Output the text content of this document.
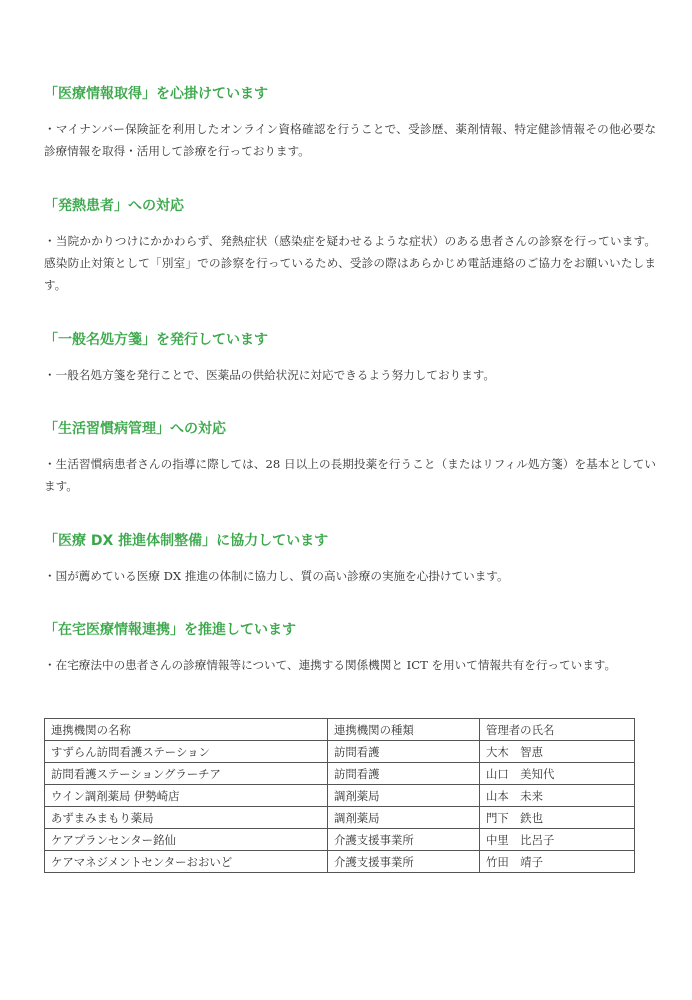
「医療情報取得」を心掛けています

・マイナンバー保険証を利用したオンライン資格確認を行うことで、受診歴、薬剤情報、特定健診情報その他必要な診療情報を取得・活用して診療を行っております。

「発熱患者」への対応

・当院かかりつけにかかわらず、発熱症状（感染症を疑わせるような症状）のある患者さんの診察を行っています。感染防止対策として「別室」での診察を行っているため、受診の際はあらかじめ電話連絡のご協力をお願いいたします。

「一般名処方箋」を発行しています

・一般名処方箋を発行ことで、医薬品の供給状況に対応できるよう努力しております。

「生活習慣病管理」への対応

・生活習慣病患者さんの指導に際しては、28 日以上の長期投薬を行うこと（またはリフィル処方箋）を基本としています。

「医療 DX 推進体制整備」に協力しています

・国が薦めている医療 DX 推進の体制に協力し、質の高い診療の実施を心掛けています。

「在宅医療情報連携」を推進しています

・在宅療法中の患者さんの診療情報等について、連携する関係機関と ICT を用いて情報共有を行っています。

連携機関の名称	連携機関の種類	管理者の氏名
すずらん訪問看護ステーション	訪問看護	大木　智恵
訪問看護ステーショングラーチア	訪問看護	山口　美知代
ウイン調剤薬局 伊勢崎店	調剤薬局	山本　未来
あずまみまもり薬局	調剤薬局	門下　鉄也
ケアプランセンター銘仙	介護支援事業所	中里　比呂子
ケアマネジメントセンターおおいど	介護支援事業所	竹田　靖子
